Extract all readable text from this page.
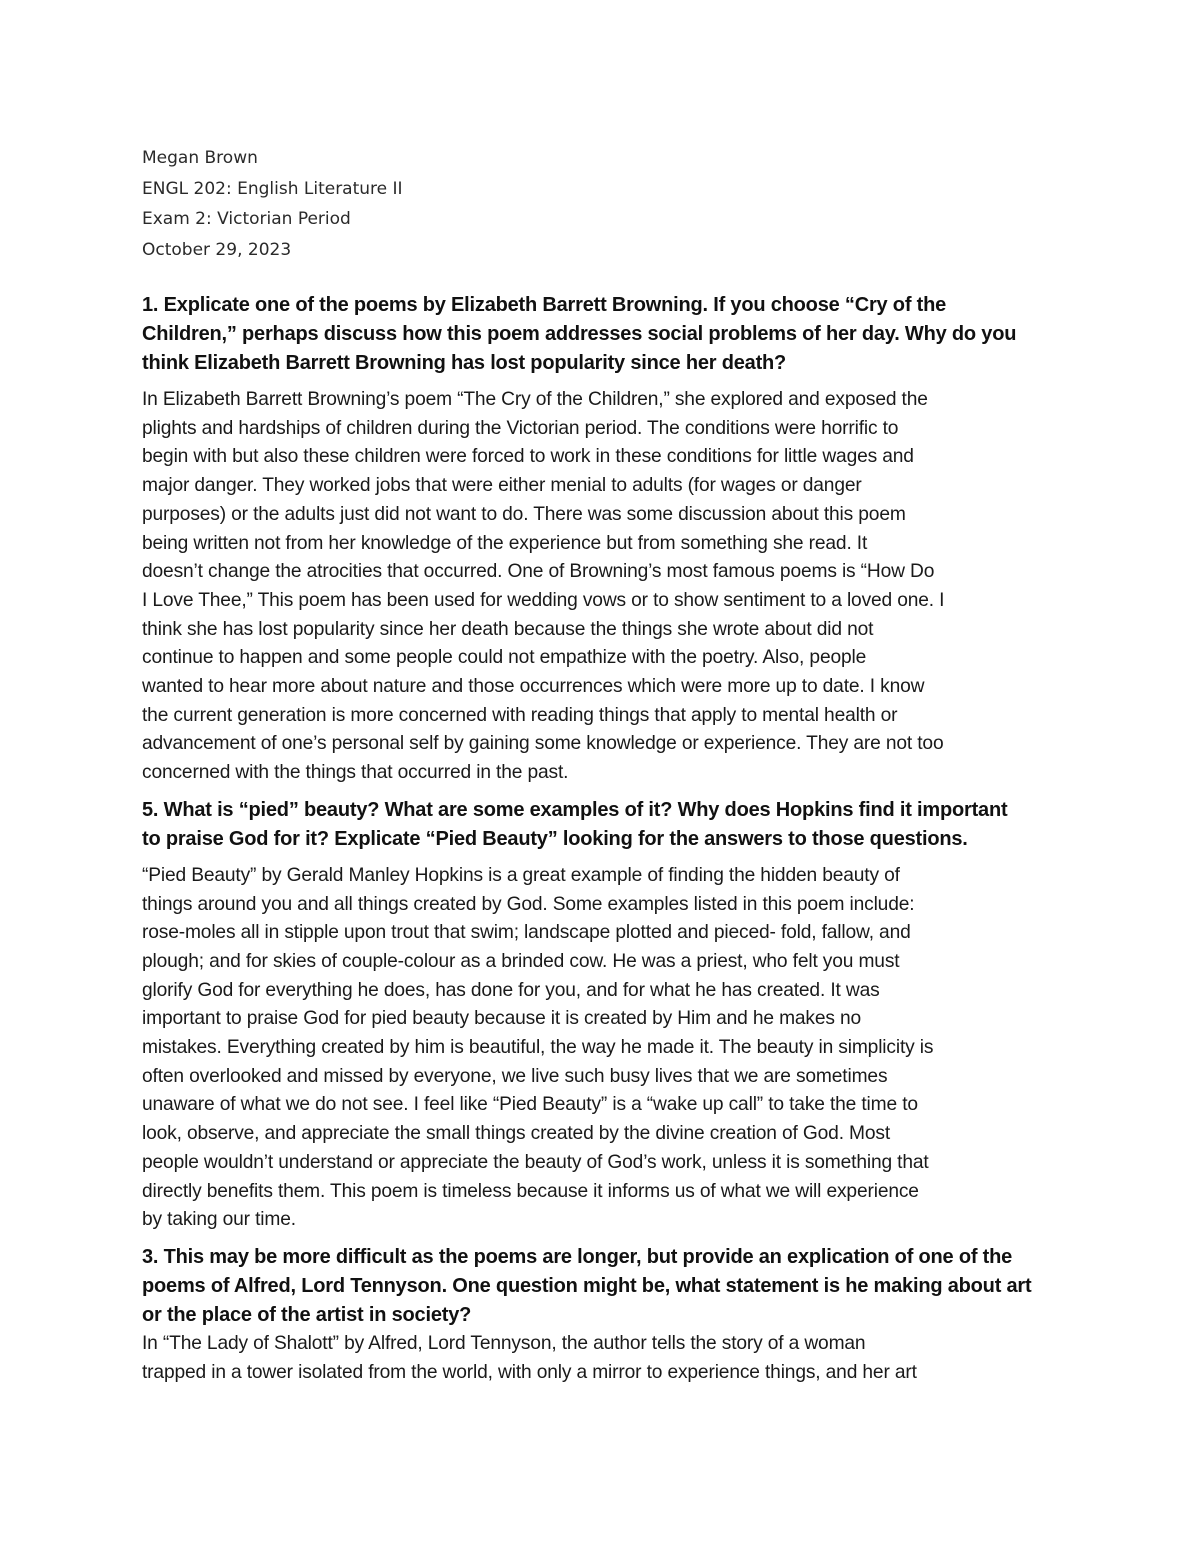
Megan Brown
ENGL 202: English Literature II
Exam 2: Victorian Period
October 29, 2023
1. Explicate one of the poems by Elizabeth Barrett Browning. If you choose “Cry of the
Children,” perhaps discuss how this poem addresses social problems of her day. Why do you
think Elizabeth Barrett Browning has lost popularity since her death?
In Elizabeth Barrett Browning’s poem “The Cry of the Children,” she explored and exposed the
plights and hardships of children during the Victorian period. The conditions were horrific to
begin with but also these children were forced to work in these conditions for little wages and
major danger. They worked jobs that were either menial to adults (for wages or danger
purposes) or the adults just did not want to do. There was some discussion about this poem
being written not from her knowledge of the experience but from something she read. It
doesn’t change the atrocities that occurred. One of Browning’s most famous poems is “How Do
I Love Thee,” This poem has been used for wedding vows or to show sentiment to a loved one. I
think she has lost popularity since her death because the things she wrote about did not
continue to happen and some people could not empathize with the poetry. Also, people
wanted to hear more about nature and those occurrences which were more up to date. I know
the current generation is more concerned with reading things that apply to mental health or
advancement of one’s personal self by gaining some knowledge or experience. They are not too
concerned with the things that occurred in the past.
5. What is “pied” beauty? What are some examples of it? Why does Hopkins find it important
to praise God for it? Explicate “Pied Beauty” looking for the answers to those questions.
“Pied Beauty” by Gerald Manley Hopkins is a great example of finding the hidden beauty of
things around you and all things created by God. Some examples listed in this poem include:
rose-moles all in stipple upon trout that swim; landscape plotted and pieced- fold, fallow, and
plough; and for skies of couple-colour as a brinded cow. He was a priest, who felt you must
glorify God for everything he does, has done for you, and for what he has created. It was
important to praise God for pied beauty because it is created by Him and he makes no
mistakes. Everything created by him is beautiful, the way he made it. The beauty in simplicity is
often overlooked and missed by everyone, we live such busy lives that we are sometimes
unaware of what we do not see. I feel like “Pied Beauty” is a “wake up call” to take the time to
look, observe, and appreciate the small things created by the divine creation of God. Most
people wouldn’t understand or appreciate the beauty of God’s work, unless it is something that
directly benefits them. This poem is timeless because it informs us of what we will experience
by taking our time.
3. This may be more difficult as the poems are longer, but provide an explication of one of the
poems of Alfred, Lord Tennyson. One question might be, what statement is he making about art
or the place of the artist in society?
In “The Lady of Shalott” by Alfred, Lord Tennyson, the author tells the story of a woman
trapped in a tower isolated from the world, with only a mirror to experience things, and her art
